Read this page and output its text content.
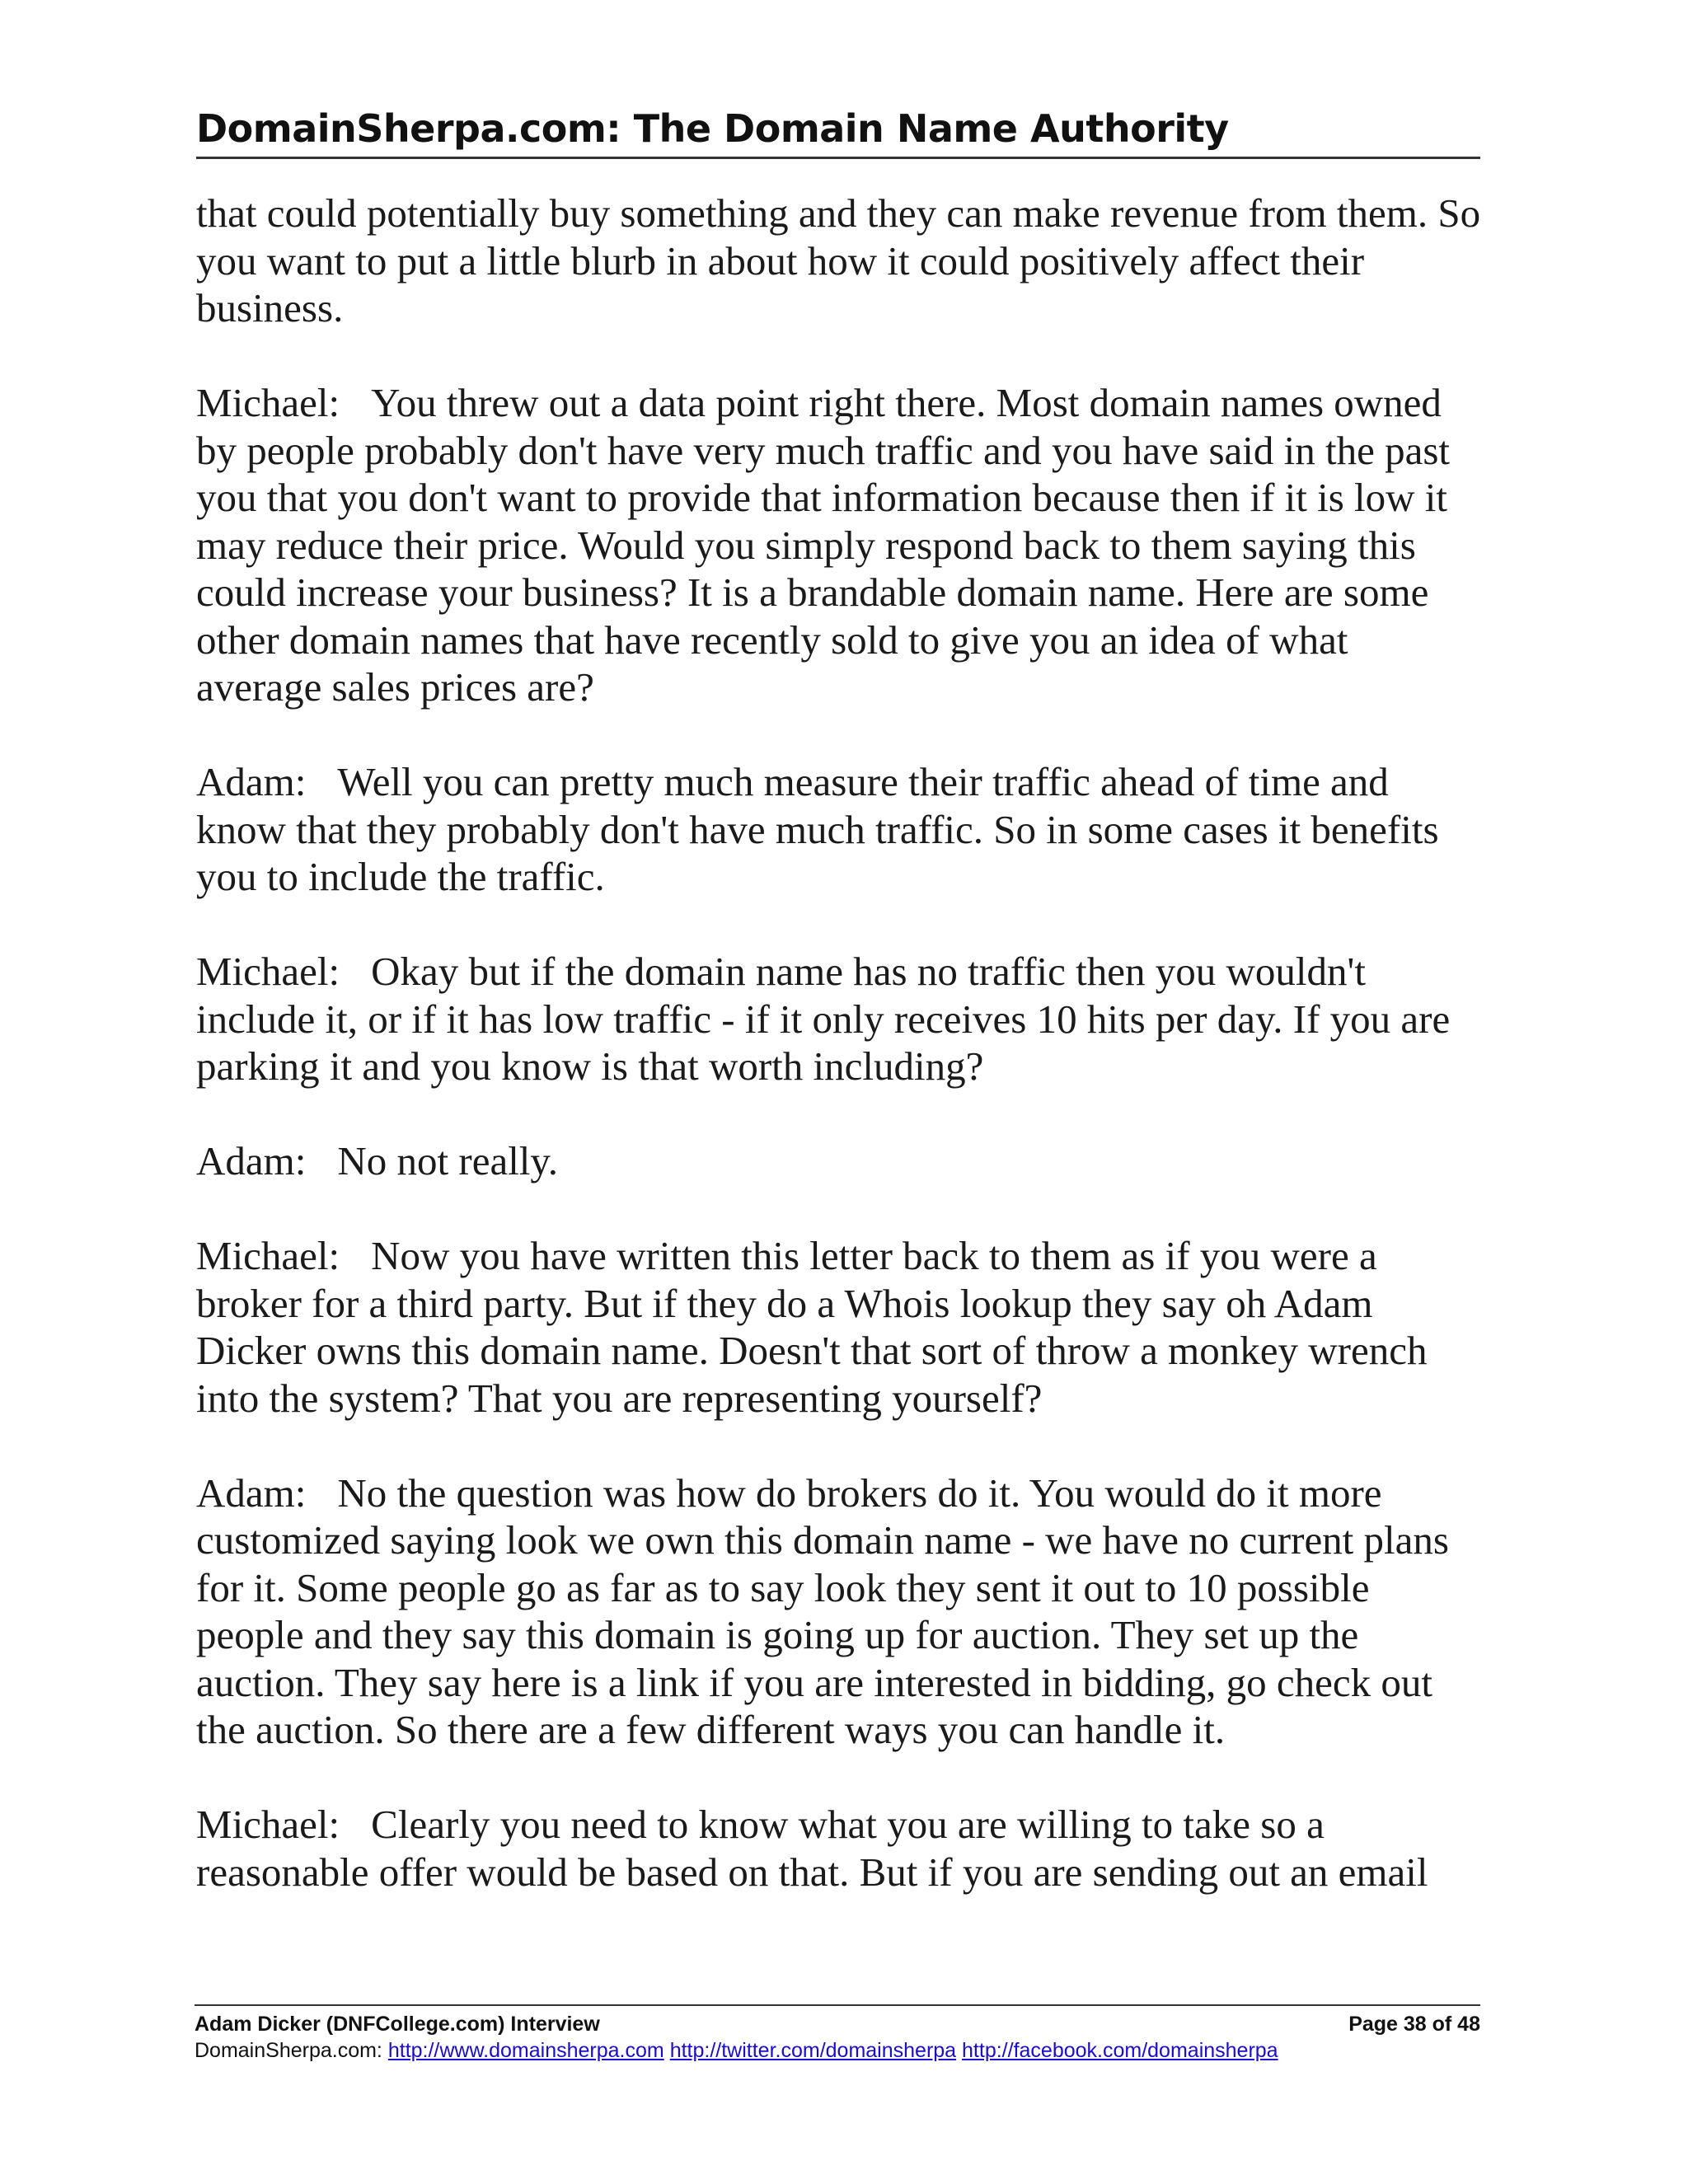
DomainSherpa.com: The Domain Name Authority

that could potentially buy something and they can make revenue from them. So you want to put a little blurb in about how it could positively affect their business.

Michael: You threw out a data point right there. Most domain names owned by people probably don't have very much traffic and you have said in the past you that you don't want to provide that information because then if it is low it may reduce their price. Would you simply respond back to them saying this could increase your business? It is a brandable domain name. Here are some other domain names that have recently sold to give you an idea of what average sales prices are?

Adam: Well you can pretty much measure their traffic ahead of time and know that they probably don't have much traffic. So in some cases it benefits you to include the traffic.

Michael: Okay but if the domain name has no traffic then you wouldn't include it, or if it has low traffic - if it only receives 10 hits per day. If you are parking it and you know is that worth including?

Adam: No not really.

Michael: Now you have written this letter back to them as if you were a broker for a third party. But if they do a Whois lookup they say oh Adam Dicker owns this domain name. Doesn't that sort of throw a monkey wrench into the system? That you are representing yourself?

Adam: No the question was how do brokers do it. You would do it more customized saying look we own this domain name - we have no current plans for it. Some people go as far as to say look they sent it out to 10 possible people and they say this domain is going up for auction. They set up the auction. They say here is a link if you are interested in bidding, go check out the auction. So there are a few different ways you can handle it.

Michael: Clearly you need to know what you are willing to take so a reasonable offer would be based on that. But if you are sending out an email

Adam Dicker (DNFCollege.com) Interview	Page 38 of 48
DomainSherpa.com: http://www.domainsherpa.com http://twitter.com/domainsherpa http://facebook.com/domainsherpa
